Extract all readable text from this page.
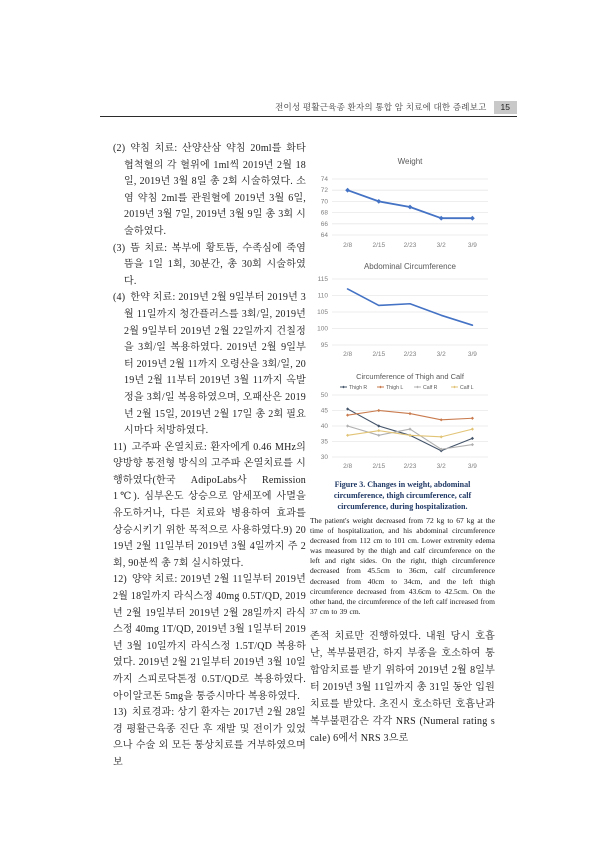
전이성 평활근육종 환자의 통합 암 치료에 대한 증례보고	15

(2) 약침 치료: 산양산삼 약침 20ml를 화타협척혈의 각 혈위에 1ml씩 2019년 2월 18일, 2019년 3월 8일 총 2회 시술하였다. 소염 약침 2ml를 관원혈에 2019년 3월 6일, 2019년 3월 7일, 2019년 3월 9일 총 3회 시술하였다.

(3) 뜸 치료: 복부에 황토뜸, 수족심에 죽염뜸을 1일 1회, 30분간, 총 30회 시술하였다.

(4) 한약 치료: 2019년 2월 9일부터 2019년 3월 11일까지 청간플러스를 3회/일, 2019년 2월 9일부터 2019년 2월 22일까지 건칠정을 3회/일 복용하였다. 2019년 2월 9일부터 2019년 2월 11까지 오령산을 3회/일, 2019년 2월 11부터 2019년 3월 11까지 옥발정을 3회/일 복용하였으며, 오패산은 2019년 2월 15일, 2019년 2월 17일 총 2회 필요시마다 처방하였다.

11) 고주파 온열치료: 환자에게 0.46 MHz의 양방향 통전형 방식의 고주파 온열치료를 시행하였다(한국 AdipoLabs사 Remission 1℃). 심부온도 상승으로 암세포에 사멸을 유도하거나, 다른 치료와 병용하여 효과를 상승시키기 위한 목적으로 사용하였다.9) 2019년 2월 11일부터 2019년 3월 4일까지 주 2회, 90분씩 총 7회 실시하였다.

12) 양약 치료: 2019년 2월 11일부터 2019년 2월 18일까지 라식스정 40mg 0.5T/QD, 2019년 2월 19일부터 2019년 2월 28일까지 라식스정 40mg 1T/QD, 2019년 3월 1일부터 2019년 3월 10일까지 라식스정 1.5T/QD 복용하였다. 2019년 2월 21일부터 2019년 3월 10일까지 스피로닥톤정 0.5T/QD로 복용하였다. 아이알코돈 5mg을 통증시마다 복용하였다.

13) 치료경과: 상기 환자는 2017년 2월 28일 경 평활근육종 진단 후 재발 및 전이가 있었으나 수술 외 모든 통상치료를 거부하였으며 보

Weight
64
66
68
70
72
74
2/8	2/15	2/23	3/2	3/9
Abdominal Circumference
95
100
105
110
115
2/8	2/15	2/23	3/2	3/9
Circumference of Thigh and Calf
Thigh R	Thigh L	Calf R	Calf L
30
35
40
45
50
2/8	2/15	2/23	3/2	3/9
Figure 3. Changes in weight, abdominal circumference, thigh circumference, calf circumference, during hospitalization.
The patient's weight decreased from 72 kg to 67 kg at the time of hospitalization, and his abdominal circumference decreased from 112 cm to 101 cm. Lower extremity edema was measured by the thigh and calf circumference on the left and right sides. On the right, thigh circumference decreased from 45.5cm to 36cm, calf circumference decreased from 40cm to 34cm, and the left thigh circumference decreased from 43.6cm to 42.5cm. On the other hand, the circumference of the left calf increased from 37 cm to 39 cm.
존적 치료만 진행하였다. 내원 당시 호흡난, 복부불편감, 하지 부종을 호소하여 통합암치료를 받기 위하여 2019년 2월 8일부터 2019년 3월 11일까지 총 31일 동안 입원치료를 받았다. 초진시 호소하던 호흡난과 복부불편감은 각각 NRS (Numeral rating scale) 6에서 NRS 3으로
